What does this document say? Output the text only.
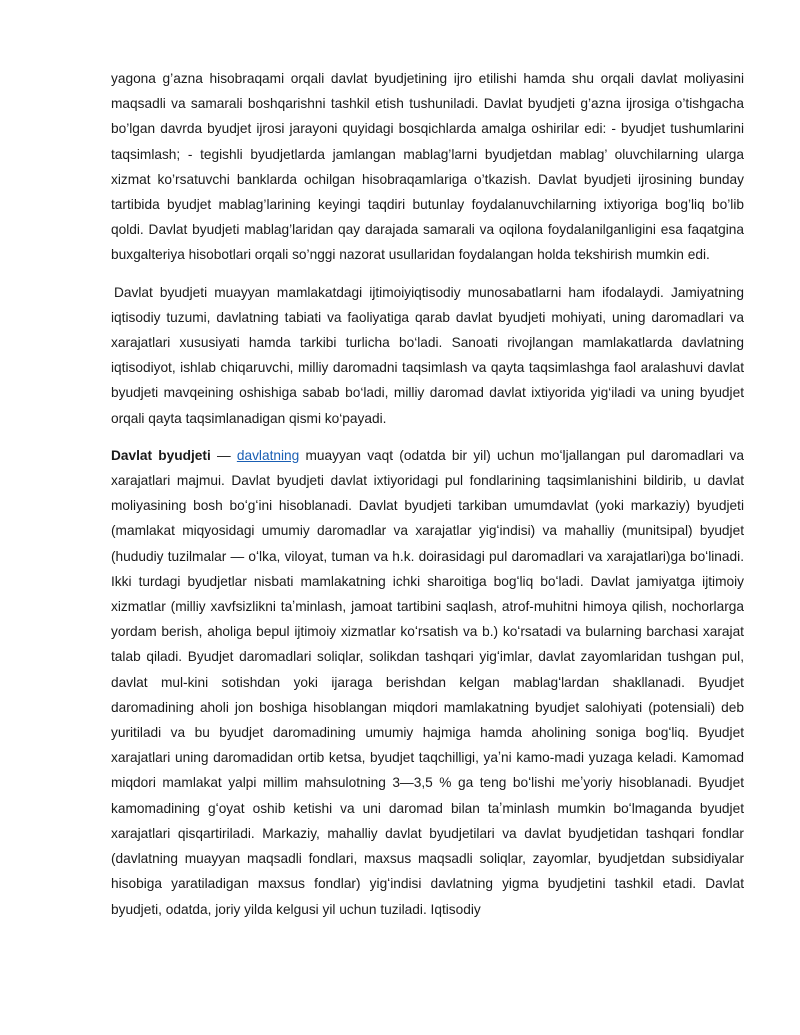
yagona g’azna hisobraqami orqali davlat byudjetining ijro etilishi hamda shu orqali davlat moliyasini maqsadli va samarali boshqarishni tashkil etish tushuniladi. Davlat byudjeti g’azna ijrosiga o’tishgacha bo’lgan davrda byudjet ijrosi jarayoni quyidagi bosqichlarda amalga oshirilar edi: - byudjet tushumlarini taqsimlash; - tegishli byudjetlarda jamlangan mablag’larni byudjetdan mablag’ oluvchilarning ularga xizmat ko’rsatuvchi banklarda ochilgan hisobraqamlariga o’tkazish. Davlat byudjeti ijrosining bunday tartibida byudjet mablag’larining keyingi taqdiri butunlay foydalanuvchilarning ixtiyoriga bog’liq bo’lib qoldi. Davlat byudjeti mablag’laridan qay darajada samarali va oqilona foydalanilganligini esa faqatgina buxgalteriya hisobotlari orqali so’nggi nazorat usullaridan foydalangan holda tekshirish mumkin edi.

Davlat byudjeti muayyan mamlakatdagi ijtimoiyiqtisodiy munosabatlarni ham ifodalaydi. Jamiyatning iqtisodiy tuzumi, davlatning tabiati va faoliyatiga qarab davlat byudjeti mohiyati, uning daromadlari va xarajatlari xususiyati hamda tarkibi turlicha bo‘ladi. Sanoati rivojlangan mamlakatlarda davlatning iqtisodiyot, ishlab chiqaruvchi, milliy daromadni taqsimlash va qayta taqsimlashga faol aralashuvi davlat byudjeti mavqeining oshishiga sabab bo‘ladi, milliy daromad davlat ixtiyorida yig‘iladi va uning byudjet orqali qayta taqsimlanadigan qismi ko‘payadi.

Davlat byudjeti — davlatning muayyan vaqt (odatda bir yil) uchun moʻljallangan pul daromadlari va xarajatlari majmui. Davlat byudjeti davlat ixtiyoridagi pul fondlarining taqsimlanishini bildirib, u davlat moliyasining bosh boʻgʻini hisoblanadi. Davlat byudjeti tarkiban umumdavlat (yoki markaziy) byudjeti (mamlakat miqyosidagi umumiy daromadlar va xarajatlar yigʻindisi) va mahalliy (munitsipal) byudjet (hududiy tuzilmalar — oʻlka, viloyat, tuman va h.k. doirasidagi pul daromadlari va xarajatlari)ga boʻlinadi. Ikki turdagi byudjetlar nisbati mamlakatning ichki sharoitiga bogʻliq boʻladi. Davlat jamiyatga ijtimoiy xizmatlar (milliy xavfsizlikni taʼminlash, jamoat tartibini saqlash, atrof-muhitni himoya qilish, nochorlarga yordam berish, aholiga bepul ijtimoiy xizmatlar koʻrsatish va b.) koʻrsatadi va bularning barchasi xarajat talab qiladi. Byudjet daromadlari soliqlar, solikdan tashqari yigʻimlar, davlat zayomlaridan tushgan pul, davlat mul-kini sotishdan yoki ijaraga berishdan kelgan mablagʻlardan shakllanadi. Byudjet daromadining aholi jon boshiga hisoblangan miqdori mamlakatning byudjet salohiyati (potensiali) deb yuritiladi va bu byudjet daromadining umumiy hajmiga hamda aholining soniga bogʻliq. Byudjet xarajatlari uning daromadidan ortib ketsa, byudjet taqchilligi, yaʼni kamo-madi yuzaga keladi. Kamomad miqdori mamlakat yalpi millim mahsulotning 3—3,5 % ga teng boʻlishi meʼyoriy hisoblanadi. Byudjet kamomadining gʻoyat oshib ketishi va uni daromad bilan taʼminlash mumkin boʻlmaganda byudjet xarajatlari qisqartiriladi. Markaziy, mahalliy davlat byudjetilari va davlat byudjetidan tashqari fondlar (davlatning muayyan maqsadli fondlari, maxsus maqsadli soliqlar, zayomlar, byudjetdan subsidiyalar hisobiga yaratiladigan maxsus fondlar) yigʻindisi davlatning yigma byudjetini tashkil etadi. Davlat byudjeti, odatda, joriy yilda kelgusi yil uchun tuziladi. Iqtisodiy
